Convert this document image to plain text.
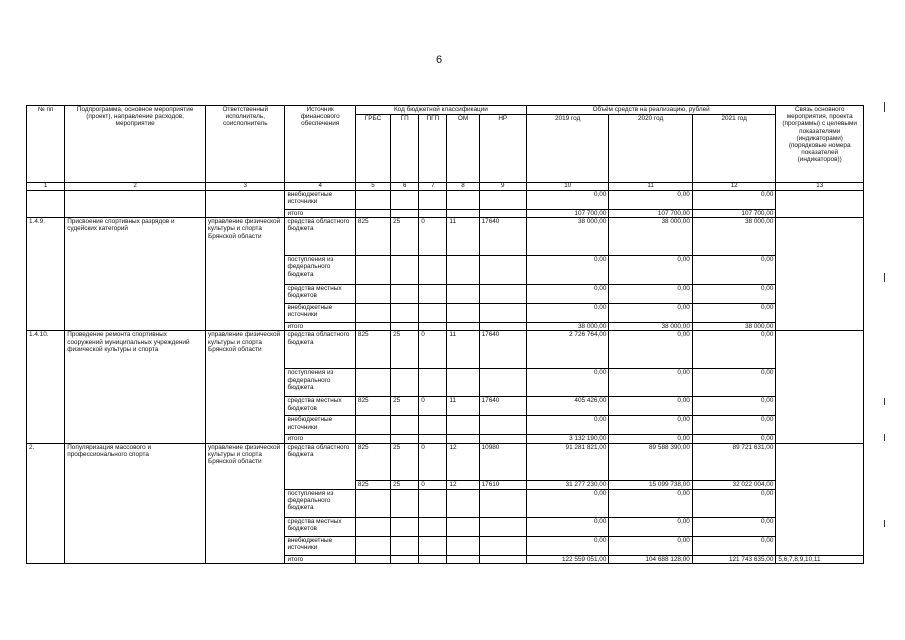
6
№ пп	Подпрограмма, основное мероприятие (проект), направление расходов, мероприятие	Ответственный исполнитель, соисполнитель	Источник финансового обеспечения	Код бюджетной классификации					Объём средств на реализацию, рублей			Связь основного мероприятия, проекта (программы) с целевыми показателями (индикаторами) (порядковые номера показателей (индикаторов))
				ГРБС	ГП	ПГП	ОМ	НР	2019 год	2020 год	2021 год	
1	2	3	4	5	6	7	8	9	10	11	12	13
			внебюджетные источники						0,00	0,00	0,00	
			итого						107 700,00	107 700,00	107 700,00	
1.4.9.	Присвоение спортивных разрядов и судейских категорий	управление физической культуры и спорта Брянской области	средства областного бюджета	825	25	0	11	17640	38 000,00	38 000,00	38 000,00	
			поступления из федерального бюджета						0,00	0,00	0,00	
			средства местных бюджетов						0,00	0,00	0,00	
			внебюджетные источники						0,00	0,00	0,00	
			итого						38 000,00	38 000,00	38 000,00	
1.4.10.	Проведение ремонта спортивных сооружений муниципальных учреждений физической культуры и спорта	управление физической культуры и спорта Брянской области	средства областного бюджета	825	25	0	11	17640	2 726 764,00	0,00	0,00	
			поступления из федерального бюджета						0,00	0,00	0,00	
			средства местных бюджетов	825	25	0	11	17640	405 426,00	0,00	0,00	
			внебюджетные источники						0,00	0,00	0,00	
			итого						3 132 190,00	0,00	0,00	
2.	Популяризация массового и профессионального спорта	управление физической культуры и спорта Брянской области	средства областного бюджета	825	25	0	12	10980	91 281 821,00	89 588 390,00	89 721 631,00	
				825	25	0	12	17610	31 277 230,00	15 099 738,00	32 022 004,00	
			поступления из федерального бюджета						0,00	0,00	0,00	
			средства местных бюджетов						0,00	0,00	0,00	
			внебюджетные источники						0,00	0,00	0,00	
			итого						122 559 051,00	104 688 128,00	121 743 635,00	5,6,7,8,9,10,11
